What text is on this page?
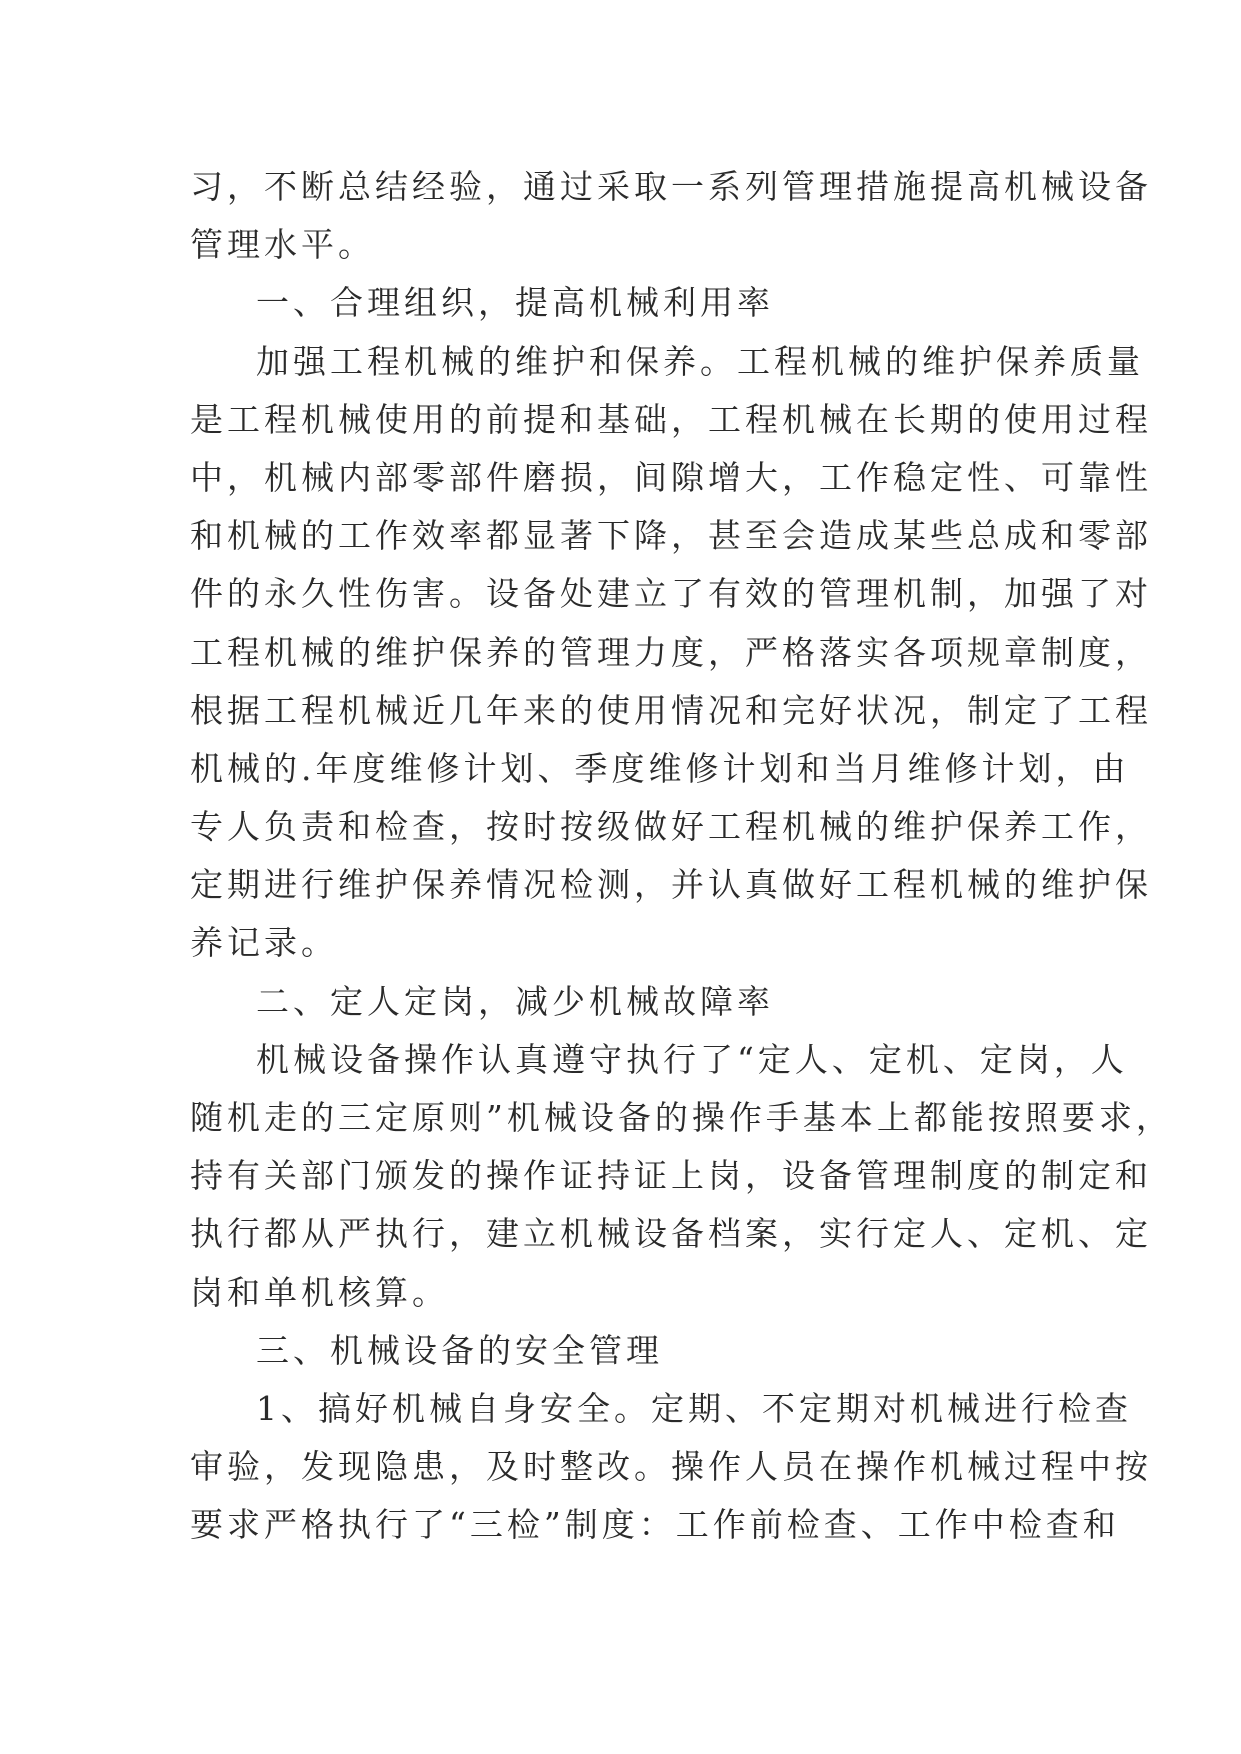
习，不断总结经验，通过采取一系列管理措施提高机械设备
管理水平。
一、合理组织，提高机械利用率
加强工程机械的维护和保养。工程机械的维护保养质量
是工程机械使用的前提和基础，工程机械在长期的使用过程
中，机械内部零部件磨损，间隙增大，工作稳定性、可靠性
和机械的工作效率都显著下降，甚至会造成某些总成和零部
件的永久性伤害。设备处建立了有效的管理机制，加强了对
工程机械的维护保养的管理力度，严格落实各项规章制度，
根据工程机械近几年来的使用情况和完好状况，制定了工程
机械的.年度维修计划、季度维修计划和当月维修计划，由
专人负责和检查，按时按级做好工程机械的维护保养工作，
定期进行维护保养情况检测，并认真做好工程机械的维护保
养记录。
二、定人定岗，减少机械故障率
机械设备操作认真遵守执行了“定人、定机、定岗，人
随机走的三定原则”机械设备的操作手基本上都能按照要求，
持有关部门颁发的操作证持证上岗，设备管理制度的制定和
执行都从严执行，建立机械设备档案，实行定人、定机、定
岗和单机核算。
三、机械设备的安全管理
1、搞好机械自身安全。定期、不定期对机械进行检查
审验，发现隐患，及时整改。操作人员在操作机械过程中按
要求严格执行了“三检”制度：工作前检查、工作中检查和
